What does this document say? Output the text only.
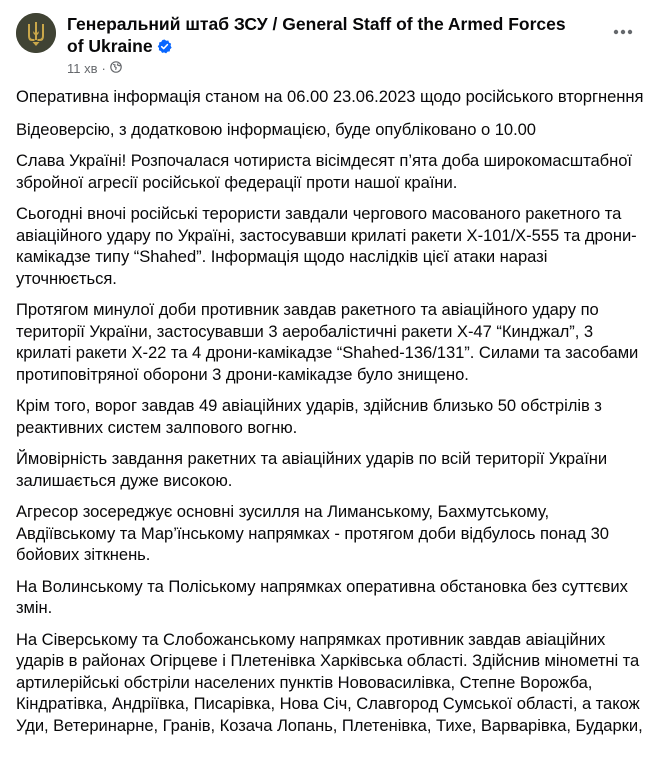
Генеральний штаб ЗСУ / General Staff of the Armed Forces of Ukraine
11 хв ·

Оперативна інформація станом на 06.00 23.06.2023 щодо російського вторгнення

Відеоверсію, з додатковою інформацією, буде опубліковано о 10.00

Слава Україні! Розпочалася чотириста вісімдесят п’ята доба широкомасштабної збройної агресії російської федерації проти нашої країни.

Сьогодні вночі російські терористи завдали чергового масованого ракетного та авіаційного удару по Україні, застосувавши крилаті ракети Х-101/Х-555 та дрони-камікадзе типу “Shahed”. Інформація щодо наслідків цієї атаки наразі уточнюється.

Протягом минулої доби противник завдав ракетного та авіаційного удару по території України, застосувавши 3 аеробалістичні ракети Х-47 “Кинджал”, 3 крилаті ракети Х-22 та 4 дрони-камікадзе “Shahed-136/131”. Силами та засобами протиповітряної оборони 3 дрони-камікадзе було знищено.

Крім того, ворог завдав 49 авіаційних ударів, здійснив близько 50 обстрілів з реактивних систем залпового вогню.

Ймовірність завдання ракетних та авіаційних ударів по всій території України залишається дуже високою.

Агресор зосереджує основні зусилля на Лиманському, Бахмутському, Авдіївському та Мар’їнському напрямках - протягом доби відбулось понад 30 бойових зіткнень.

На Волинському та Поліському напрямках оперативна обстановка без суттєвих змін.

На Сіверському та Слобожанському напрямках противник завдав авіаційних ударів в районах Огірцеве і Плетенівка Харківська області. Здійснив мінометні та артилерійські обстріли населених пунктів Нововасилівка, Степне Ворожба, Кіндратівка, Андріївка, Писарівка, Нова Січ, Славгород Сумської області, а також Уди, Ветеринарне, Гранів, Козача Лопань, Плетенівка, Тихе, Варварівка, Бударки,
